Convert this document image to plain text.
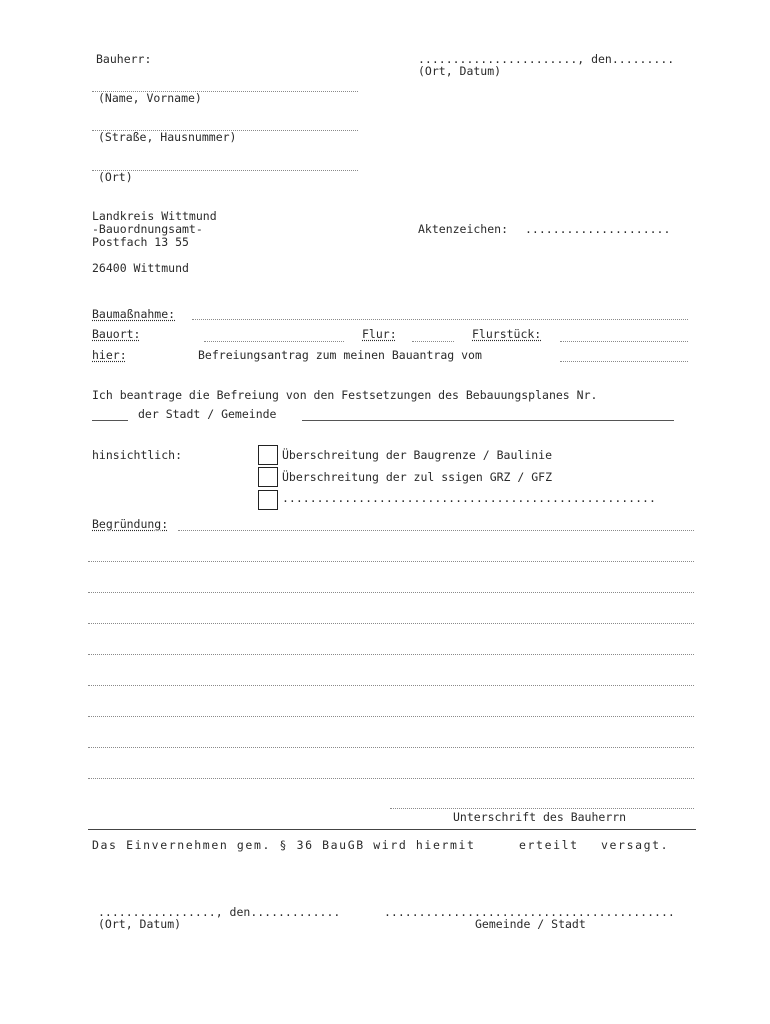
Bauherr:	......................., den.........
(Ort, Datum)
(Name, Vorname)
(Straße, Hausnummer)
(Ort)
Landkreis Wittmund
-Bauordnungsamt-
Postfach 13 55
26400 Wittmund
Aktenzeichen: .....................
Baumaßnahme:
Bauort:	Flur:	Flurstück:
hier:	Befreiungsantrag zum meinen Bauantrag vom
Ich beantrage die Befreiung von den Festsetzungen des Bebauungsplanes Nr.
der Stadt / Gemeinde
hinsichtlich:	Überschreitung der Baugrenze / Baulinie
Überschreitung der zul ssigen GRZ / GFZ
......................................................
Begründung:
Unterschrift des Bauherrn
Das Einvernehmen gem. § 36 BauGB wird hiermit	erteilt versagt.
................., den.............
(Ort, Datum)
..........................................
Gemeinde / Stadt
